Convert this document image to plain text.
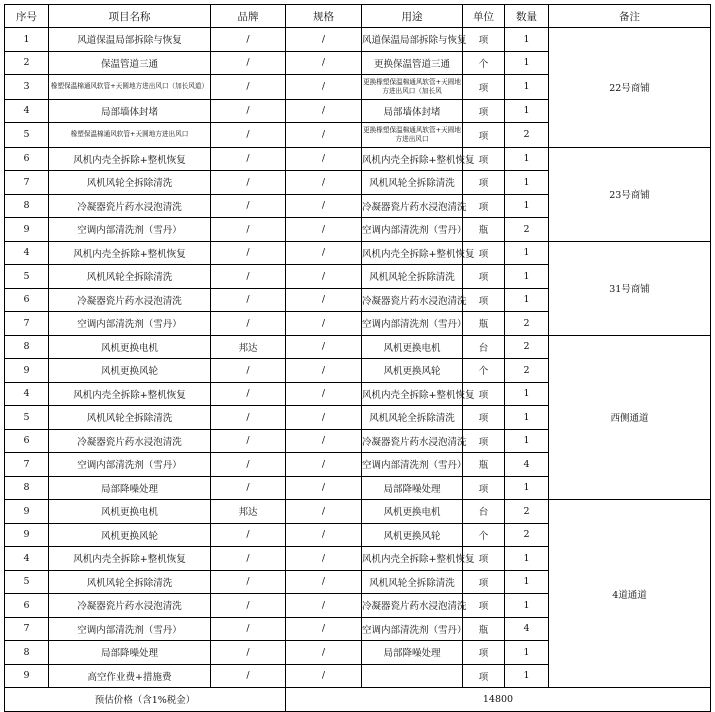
序号	项目名称	品牌	规格	用途	单位	数量	备注
1	风道保温局部拆除与恢复	/	/	风道保温局部拆除与恢复	项	1	22号商铺
2	保温管道三通	/	/	更换保温管道三通	个	1	
3	橡塑保温棉通风软管+天圆地方进出风口（加长风道）	/	/	更换橡塑保温棉通风软管+天圆地方进出风口（加长风	项	1	
4	局部墙体封堵	/	/	局部墙体封堵	项	1	
5	橡塑保温棉通风软管+天圆地方进出风口	/	/	更换橡塑保温棉通风软管+天圆地方进出风口	项	2	
6	风机内壳全拆除+整机恢复	/	/	风机内壳全拆除+整机恢复	项	1	23号商铺
7	风机风轮全拆除清洗	/	/	风机风轮全拆除清洗	项	1	
8	冷凝器瓷片药水浸泡清洗	/	/	冷凝器瓷片药水浸泡清洗	项	1	
9	空调内部清洗剂（雪丹）	/	/	空调内部清洗剂（雪丹）	瓶	2	
4	风机内壳全拆除+整机恢复	/	/	风机内壳全拆除+整机恢复	项	1	31号商铺
5	风机风轮全拆除清洗	/	/	风机风轮全拆除清洗	项	1	
6	冷凝器瓷片药水浸泡清洗	/	/	冷凝器瓷片药水浸泡清洗	项	1	
7	空调内部清洗剂（雪丹）	/	/	空调内部清洗剂（雪丹）	瓶	2	
8	风机更换电机	邦达	/	风机更换电机	台	2	西侧通道
9	风机更换风轮	/	/	风机更换风轮	个	2	
4	风机内壳全拆除+整机恢复	/	/	风机内壳全拆除+整机恢复	项	1	
5	风机风轮全拆除清洗	/	/	风机风轮全拆除清洗	项	1	
6	冷凝器瓷片药水浸泡清洗	/	/	冷凝器瓷片药水浸泡清洗	项	1	
7	空调内部清洗剂（雪丹）	/	/	空调内部清洗剂（雪丹）	瓶	4	
8	局部降噪处理	/	/	局部降噪处理	项	1	
9	风机更换电机	邦达	/	风机更换电机	台	2	4道通道
9	风机更换风轮	/	/	风机更换风轮	个	2	
4	风机内壳全拆除+整机恢复	/	/	风机内壳全拆除+整机恢复	项	1	
5	风机风轮全拆除清洗	/	/	风机风轮全拆除清洗	项	1	
6	冷凝器瓷片药水浸泡清洗	/	/	冷凝器瓷片药水浸泡清洗	项	1	
7	空调内部清洗剂（雪丹）	/	/	空调内部清洗剂（雪丹）	瓶	4	
8	局部降噪处理	/	/	局部降噪处理	项	1	
9	高空作业费+措施费	/	/		项	1	
预估价格（含1%税金）			14800				
